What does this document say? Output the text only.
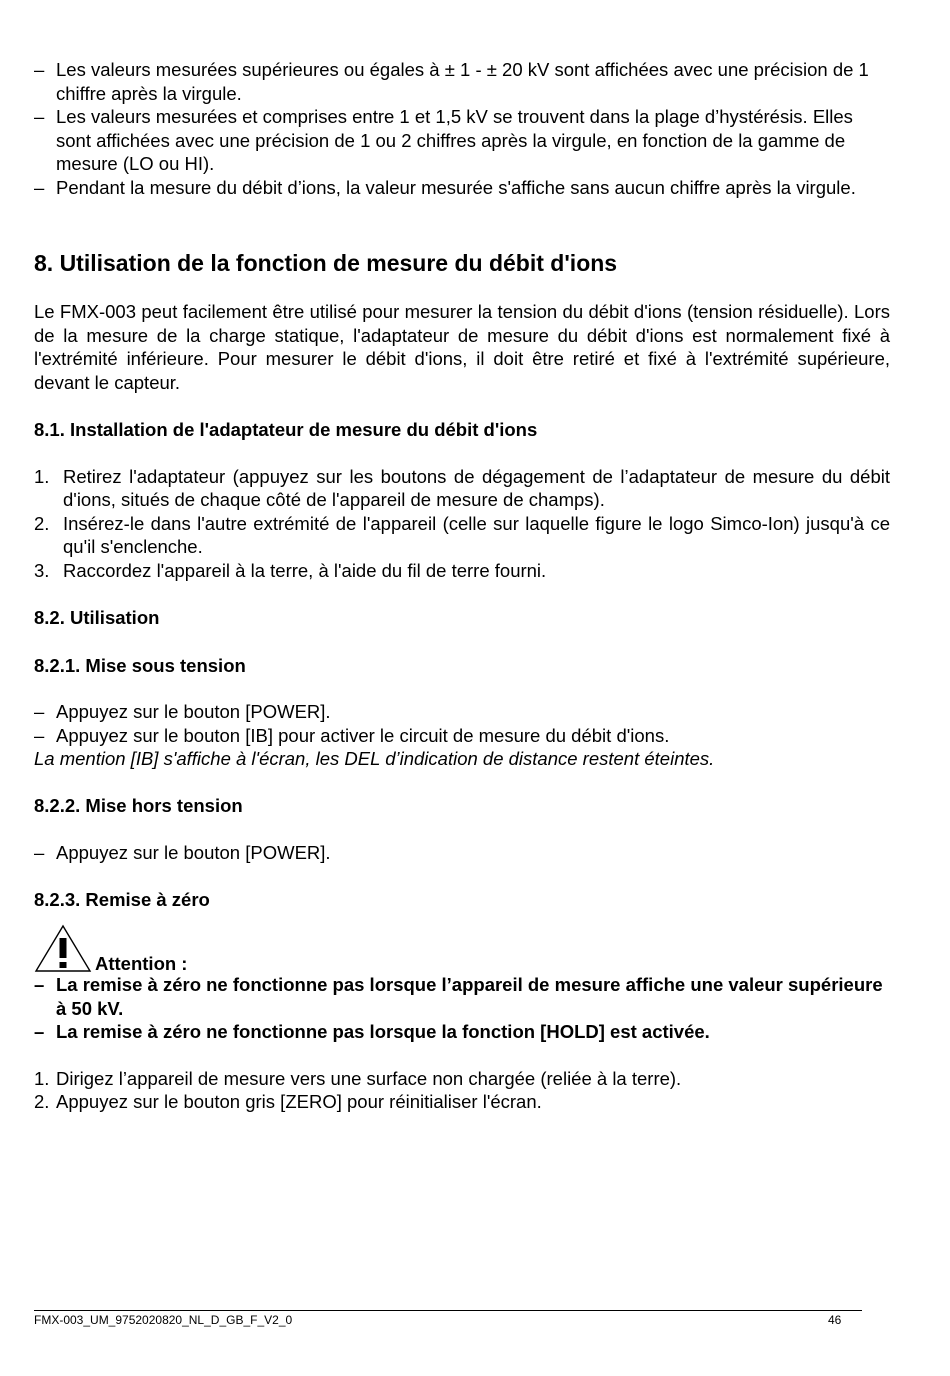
– Les valeurs mesurées supérieures ou égales à ± 1 - ± 20 kV sont affichées avec une précision de 1 chiffre après la virgule.
– Les valeurs mesurées et comprises entre 1 et 1,5 kV se trouvent dans la plage d’hystérésis. Elles sont affichées avec une précision de 1 ou 2 chiffres après la virgule, en fonction de la gamme de mesure (LO ou HI).
– Pendant la mesure du débit d’ions, la valeur mesurée s'affiche sans aucun chiffre après la virgule.
8. Utilisation de la fonction de mesure du débit d'ions

Le FMX-003 peut facilement être utilisé pour mesurer la tension du débit d'ions (tension résiduelle). Lors de la mesure de la charge statique, l'adaptateur de mesure du débit d'ions est normalement fixé à l'extrémité inférieure. Pour mesurer le débit d'ions, il doit être retiré et fixé à l'extrémité supérieure, devant le capteur.

8.1. Installation de l'adaptateur de mesure du débit d'ions
1. Retirez l'adaptateur (appuyez sur les boutons de dégagement de l’adaptateur de mesure du débit d'ions, situés de chaque côté de l'appareil de mesure de champs).
2. Insérez-le dans l'autre extrémité de l'appareil (celle sur laquelle figure le logo Simco-Ion) jusqu'à ce qu'il s'enclenche.
3. Raccordez l'appareil à la terre, à l'aide du fil de terre fourni.
8.2. Utilisation
8.2.1. Mise sous tension
– Appuyez sur le bouton [POWER].
– Appuyez sur le bouton [IB] pour activer le circuit de mesure du débit d'ions.

La mention [IB] s'affiche à l'écran, les DEL d’indication de distance restent éteintes.

8.2.2. Mise hors tension
– Appuyez sur le bouton [POWER].
8.2.3. Remise à zéro
Attention :
– La remise à zéro ne fonctionne pas lorsque l’appareil de mesure affiche une valeur supérieure à 50 kV.
– La remise à zéro ne fonctionne pas lorsque la fonction [HOLD] est activée.
1. Dirigez l’appareil de mesure vers une surface non chargée (reliée à la terre).
2. Appuyez sur le bouton gris [ZERO] pour réinitialiser l'écran.
FMX-003_UM_9752020820_NL_D_GB_F_V2_0	46
